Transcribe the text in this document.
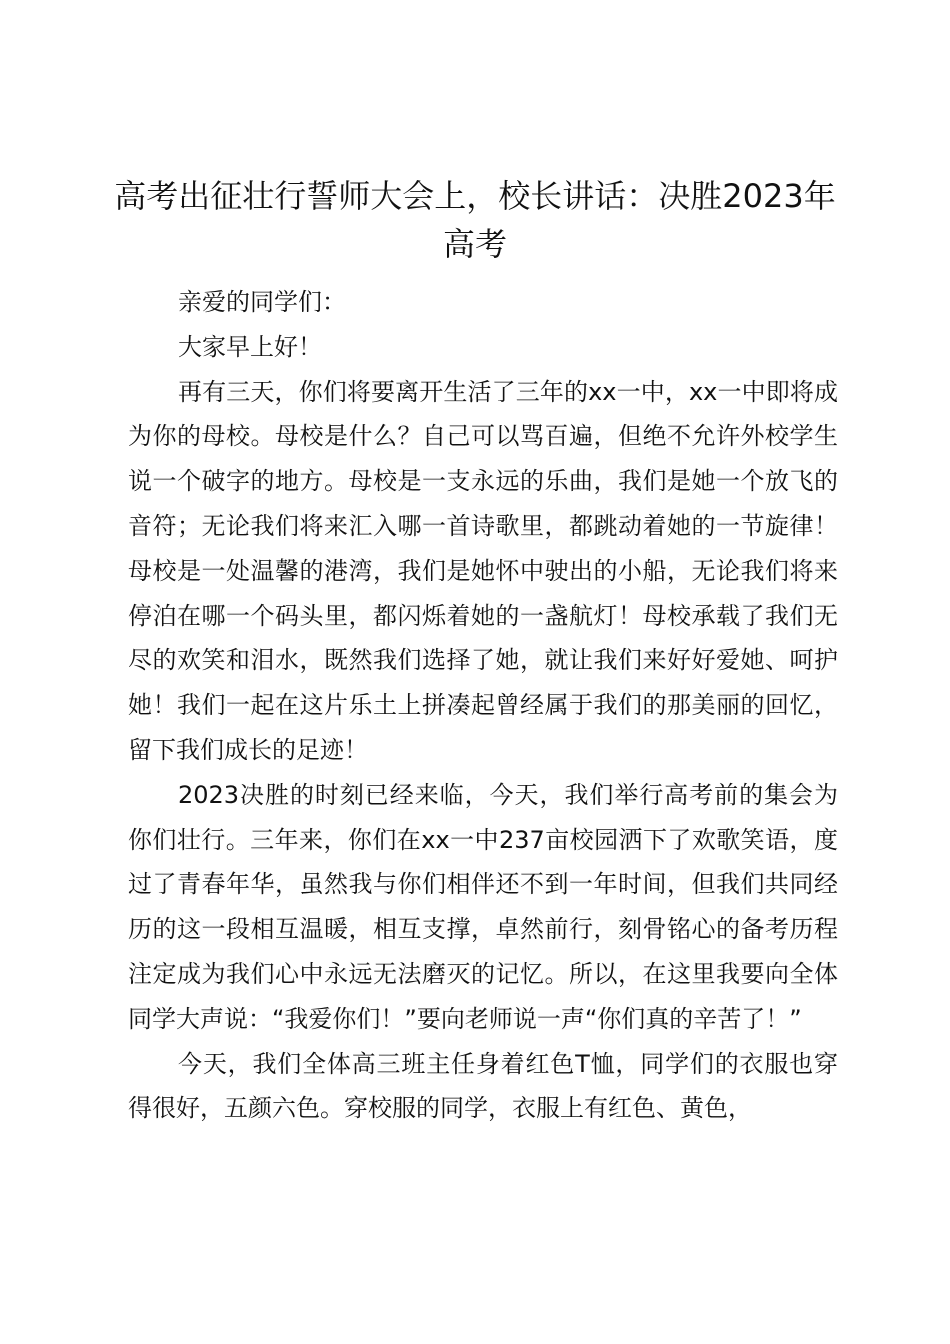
高考出征壮行誓师大会上，校长讲话：决胜2023年高考

亲爱的同学们：

大家早上好！

再有三天，你们将要离开生活了三年的xx一中，xx一中即将成为你的母校。母校是什么？自己可以骂百遍，但绝不允许外校学生说一个破字的地方。母校是一支永远的乐曲，我们是她一个放飞的音符；无论我们将来汇入哪一首诗歌里，都跳动着她的一节旋律！母校是一处温馨的港湾，我们是她怀中驶出的小船，无论我们将来停泊在哪一个码头里，都闪烁着她的一盏航灯！母校承载了我们无尽的欢笑和泪水，既然我们选择了她，就让我们来好好爱她、呵护她！我们一起在这片乐土上拼凑起曾经属于我们的那美丽的回忆，留下我们成长的足迹！

2023决胜的时刻已经来临，今天，我们举行高考前的集会为你们壮行。三年来，你们在xx一中237亩校园洒下了欢歌笑语，度过了青春年华，虽然我与你们相伴还不到一年时间，但我们共同经历的这一段相互温暖，相互支撑，卓然前行，刻骨铭心的备考历程注定成为我们心中永远无法磨灭的记忆。所以，在这里我要向全体同学大声说：“我爱你们！”要向老师说一声“你们真的辛苦了！”

今天，我们全体高三班主任身着红色T恤，同学们的衣服也穿得很好，五颜六色。穿校服的同学，衣服上有红色、黄色，
